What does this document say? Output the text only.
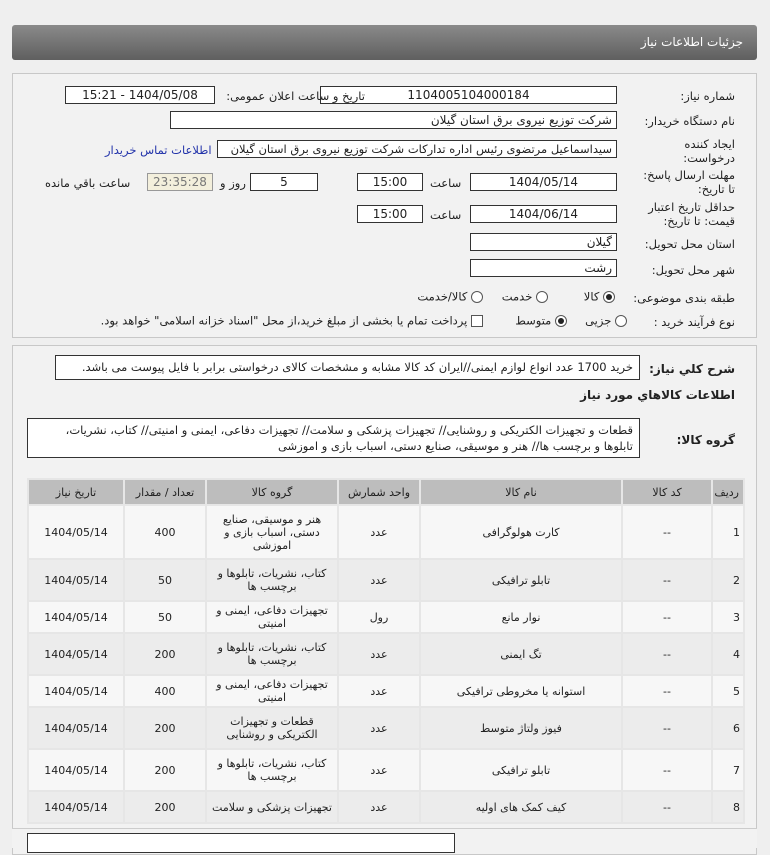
جزئیات اطلاعات نیاز
شماره نیاز:
1104005104000184
تاریخ و ساعت اعلان عمومی:
1404/05/08 - 15:21
نام دستگاه خریدار:
شرکت توزیع نیروی برق استان گیلان
ایجاد کننده
درخواست:
سیداسماعیل مرتضوی رئیس اداره تدارکات شرکت توزیع نیروی برق استان گیلان
اطلاعات تماس خریدار
مهلت ارسال پاسخ:
تا تاریخ:
1404/05/14
ساعت
15:00
5
روز و
23:35:28
ساعت باقي مانده
حداقل تاریخ اعتبار
قیمت: تا تاریخ:
1404/06/14
ساعت
15:00
استان محل تحویل:
گیلان
شهر محل تحویل:
رشت
طبقه بندی موضوعی:
کالا
خدمت
کالا/خدمت
نوع فرآیند خرید :
جزیی
متوسط
پرداخت تمام یا بخشی از مبلغ خرید،از محل "اسناد خزانه اسلامی" خواهد بود.
شرح کلي نياز:
خرید 1700 عدد انواع لوازم ایمنی//ایران کد کالا مشابه و مشخصات کالای درخواستی برابر با فایل پیوست می باشد.
اطلاعات کالاهاي مورد نياز
گروه کالا:
قطعات و تجهیزات الکتریکی و روشنایی// تجهیزات پزشکی و سلامت// تجهیزات دفاعی، ایمنی و امنیتی// کتاب، نشریات، تابلوها و برچسب ها// هنر و موسیقی، صنایع دستی، اسباب بازی و اموزشی
ردیف	کد کالا	نام کالا	واحد شمارش	گروه کالا	تعداد / مقدار	تاریخ نیاز
1	--	کارت هولوگرافی	عدد	هنر و موسیقی، صنایع دستی، اسباب بازی و اموزشی	400	1404/05/14
2	--	تابلو ترافیکی	عدد	کتاب، نشریات، تابلوها و برچسب ها	50	1404/05/14
3	--	نوار مانع	رول	تجهیزات دفاعی، ایمنی و امنیتی	50	1404/05/14
4	--	تگ ایمنی	عدد	کتاب، نشریات، تابلوها و برچسب ها	200	1404/05/14
5	--	استوانه یا مخروطی ترافیکی	عدد	تجهیزات دفاعی، ایمنی و امنیتی	400	1404/05/14
6	--	فیوز ولتاژ متوسط	عدد	قطعات و تجهیزات الکتریکی و روشنایی	200	1404/05/14
7	--	تابلو ترافیکی	عدد	کتاب، نشریات، تابلوها و برچسب ها	200	1404/05/14
8	--	کیف کمک های اولیه	عدد	تجهیزات پزشکی و سلامت	200	1404/05/14
